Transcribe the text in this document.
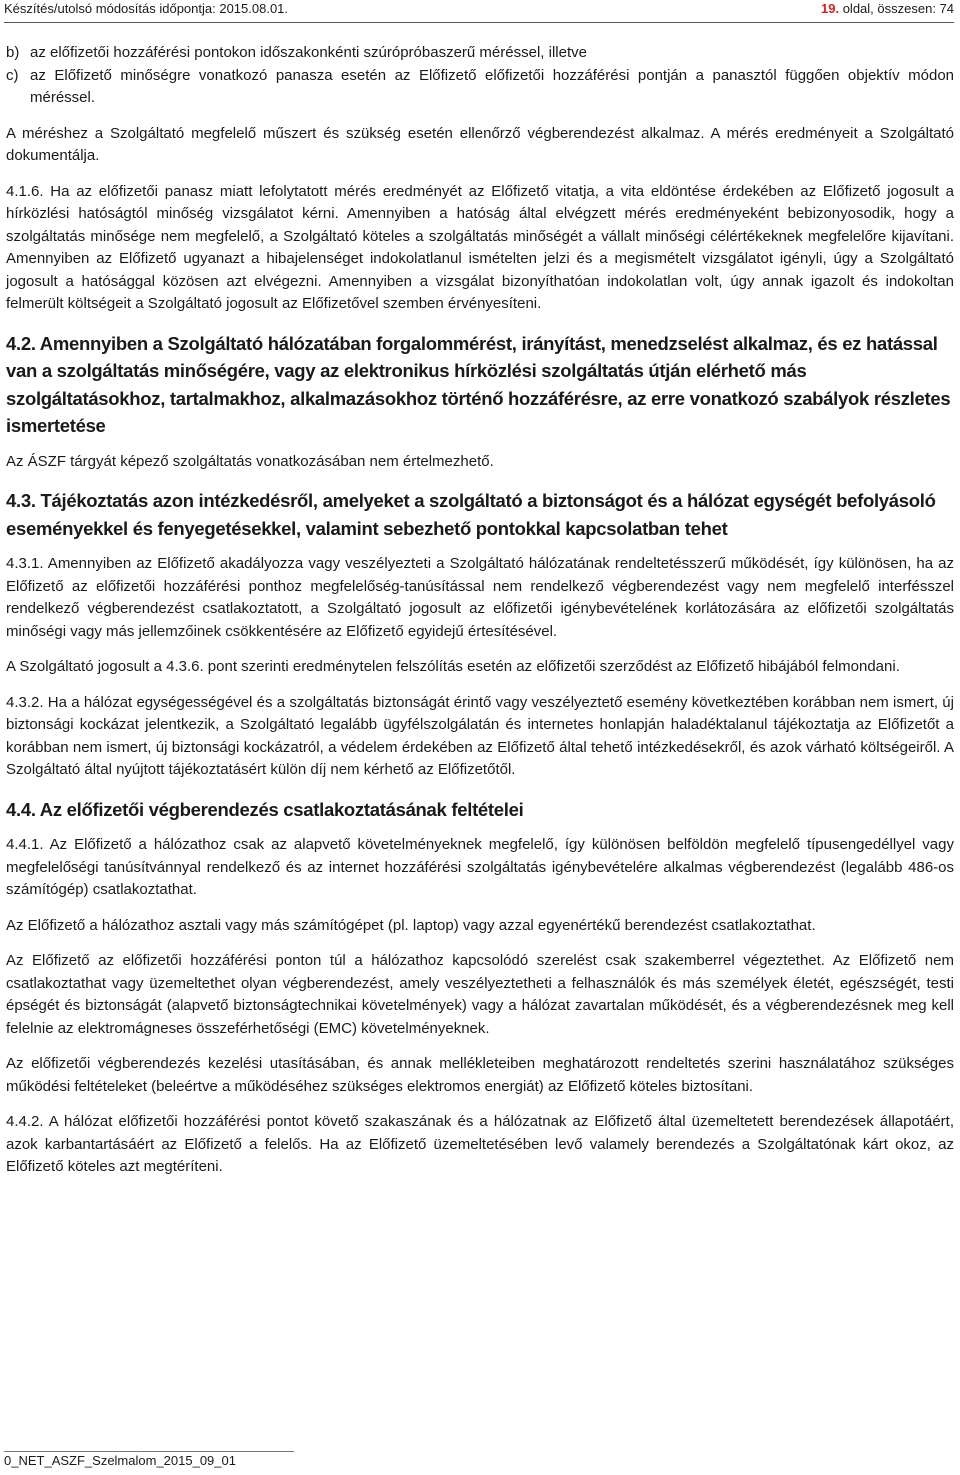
Készítés/utolsó módosítás időpontja: 2015.08.01.	19. oldal, összesen: 74
b) az előfizetői hozzáférési pontokon időszakonkénti szúrópróbaszerű méréssel, illetve
c) az Előfizető minőségre vonatkozó panasza esetén az Előfizető előfizetői hozzáférési pontján a panasztól függően objektív módon méréssel.

A méréshez a Szolgáltató megfelelő műszert és szükség esetén ellenőrző végberendezést alkalmaz. A mérés eredményeit a Szolgáltató dokumentálja.

4.1.6. Ha az előfizetői panasz miatt lefolytatott mérés eredményét az Előfizető vitatja, a vita eldöntése érdekében az Előfizető jogosult a hírközlési hatóságtól minőség vizsgálatot kérni. Amennyiben a hatóság által elvégzett mérés eredményeként bebizonyosodik, hogy a szolgáltatás minősége nem megfelelő, a Szolgáltató köteles a szolgáltatás minőségét a vállalt minőségi célértékeknek megfelelőre kijavítani. Amennyiben az Előfizető ugyanazt a hibajelenséget indokolatlanul ismételten jelzi és a megismételt vizsgálatot igényli, úgy a Szolgáltató jogosult a hatósággal közösen azt elvégezni. Amennyiben a vizsgálat bizonyíthatóan indokolatlan volt, úgy annak igazolt és indokoltan felmerült költségeit a Szolgáltató jogosult az Előfizetővel szemben érvényesíteni.

4.2. Amennyiben a Szolgáltató hálózatában forgalommérést, irányítást, menedzselést alkalmaz, és ez hatással van a szolgáltatás minőségére, vagy az elektronikus hírközlési szolgáltatás útján elérhető más szolgáltatásokhoz, tartalmakhoz, alkalmazásokhoz történő hozzáférésre, az erre vonatkozó szabályok részletes ismertetése

Az ÁSZF tárgyát képező szolgáltatás vonatkozásában nem értelmezhető.

4.3. Tájékoztatás azon intézkedésről, amelyeket a szolgáltató a biztonságot és a hálózat egységét befolyásoló eseményekkel és fenyegetésekkel, valamint sebezhető pontokkal kapcsolatban tehet

4.3.1. Amennyiben az Előfizető akadályozza vagy veszélyezteti a Szolgáltató hálózatának rendeltetésszerű működését, így különösen, ha az Előfizető az előfizetői hozzáférési ponthoz megfelelőség-tanúsítással nem rendelkező végberendezést vagy nem megfelelő interfésszel rendelkező végberendezést csatlakoztatott, a Szolgáltató jogosult az előfizetői igénybevételének korlátozására az előfizetői szolgáltatás minőségi vagy más jellemzőinek csökkentésére az Előfizető egyidejű értesítésével.

A Szolgáltató jogosult a 4.3.6. pont szerinti eredménytelen felszólítás esetén az előfizetői szerződést az Előfizető hibájából felmondani.

4.3.2. Ha a hálózat egységességével és a szolgáltatás biztonságát érintő vagy veszélyeztető esemény következtében korábban nem ismert, új biztonsági kockázat jelentkezik, a Szolgáltató legalább ügyfélszolgálatán és internetes honlapján haladéktalanul tájékoztatja az Előfizetőt a korábban nem ismert, új biztonsági kockázatról, a védelem érdekében az Előfizető által tehető intézkedésekről, és azok várható költségeiről. A Szolgáltató által nyújtott tájékoztatásért külön díj nem kérhető az Előfizetőtől.

4.4. Az előfizetői végberendezés csatlakoztatásának feltételei

4.4.1. Az Előfizető a hálózathoz csak az alapvető követelményeknek megfelelő, így különösen belföldön megfelelő típusengedéllyel vagy megfelelőségi tanúsítvánnyal rendelkező és az internet hozzáférési szolgáltatás igénybevételére alkalmas végberendezést (legalább 486-os számítógép) csatlakoztathat.

Az Előfizető a hálózathoz asztali vagy más számítógépet (pl. laptop) vagy azzal egyenértékű berendezést csatlakoztathat.

Az Előfizető az előfizetői hozzáférési ponton túl a hálózathoz kapcsolódó szerelést csak szakemberrel végeztethet. Az Előfizető nem csatlakoztathat vagy üzemeltethet olyan végberendezést, amely veszélyeztetheti a felhasználók és más személyek életét, egészségét, testi épségét és biztonságát (alapvető biztonságtechnikai követelmények) vagy a hálózat zavartalan működését, és a végberendezésnek meg kell felelnie az elektromágneses összeférhetőségi (EMC) követelményeknek.

Az előfizetői végberendezés kezelési utasításában, és annak mellékleteiben meghatározott rendeltetés szerini használatához szükséges működési feltételeket (beleértve a működéséhez szükséges elektromos energiát) az Előfizető köteles biztosítani.

4.4.2. A hálózat előfizetői hozzáférési pontot követő szakaszának és a hálózatnak az Előfizető által üzemeltetett berendezések állapotáért, azok karbantartásáért az Előfizető a felelős. Ha az Előfizető üzemeltetésében levő valamely berendezés a Szolgáltatónak kárt okoz, az Előfizető köteles azt megtéríteni.

0_NET_ASZF_Szelmalom_2015_09_01
